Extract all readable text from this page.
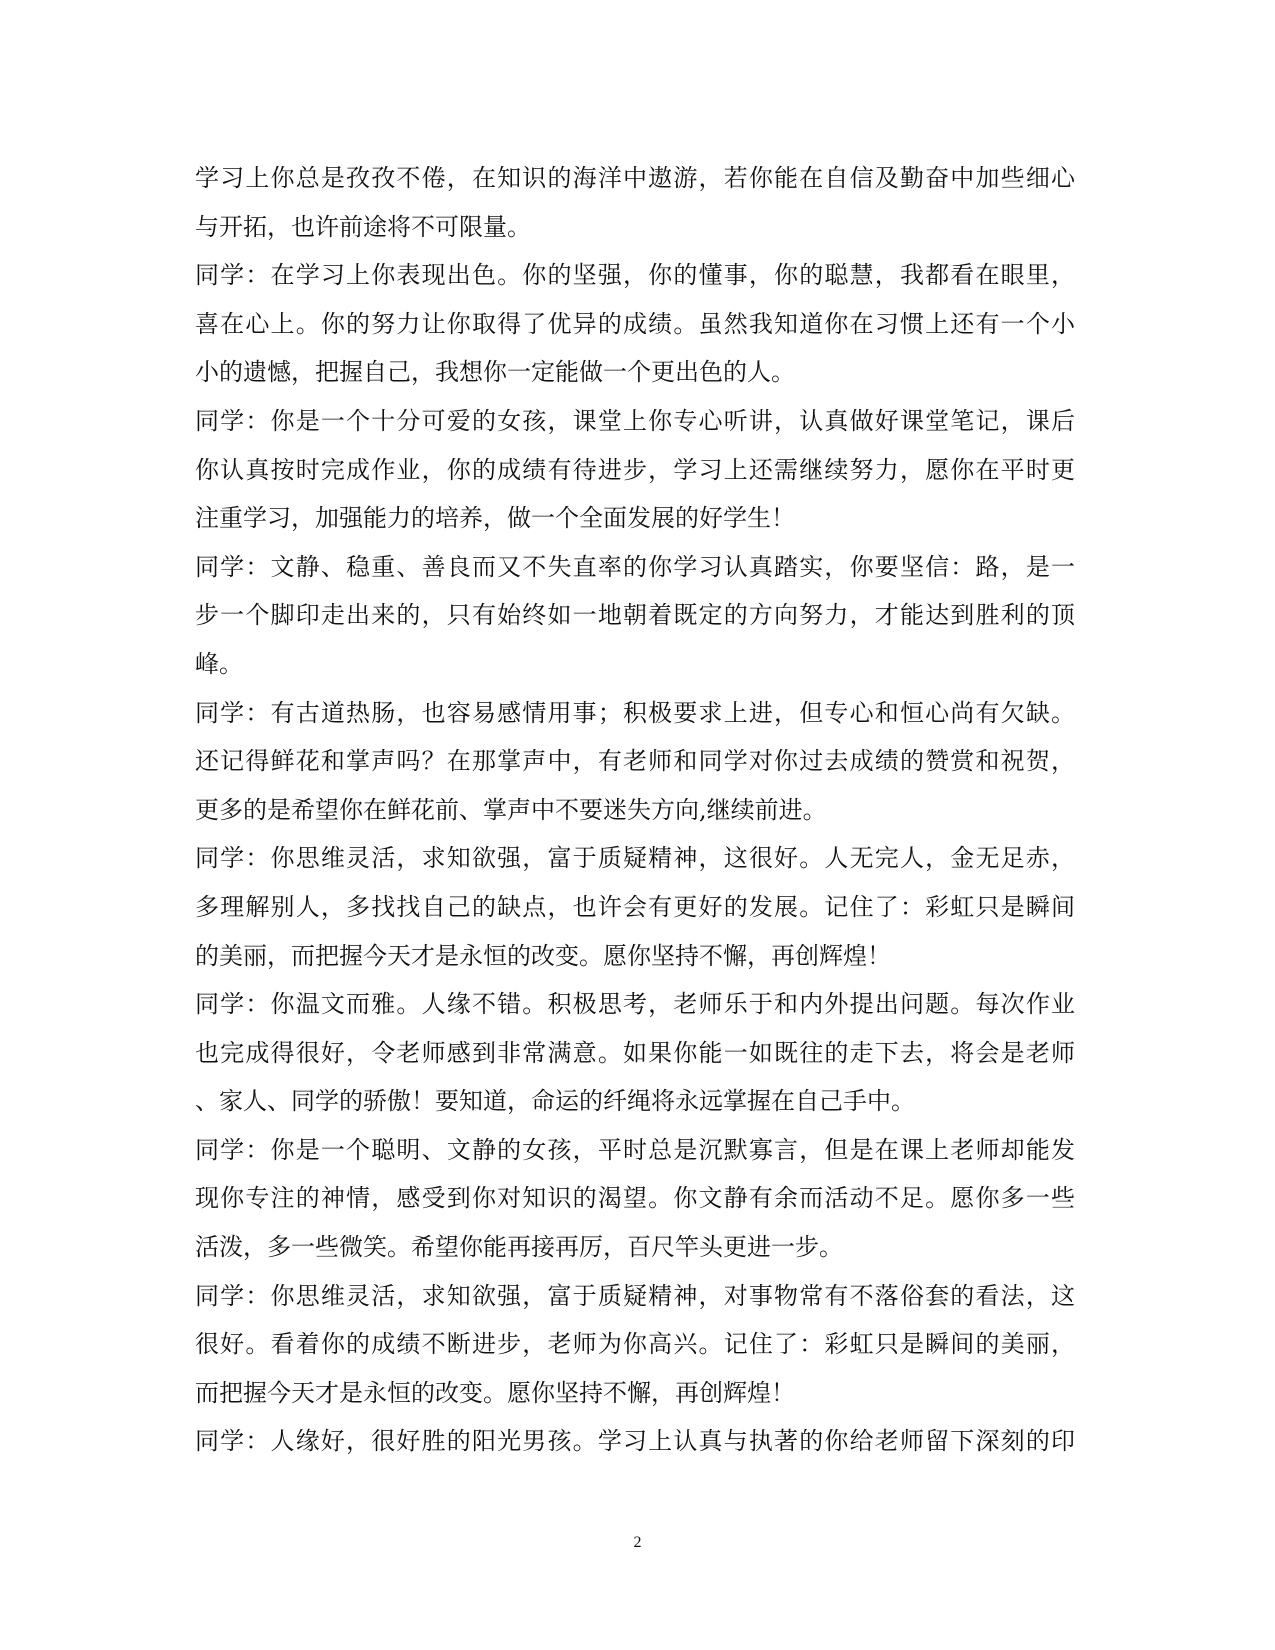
学习上你总是孜孜不倦，在知识的海洋中遨游，若你能在自信及勤奋中加些细心
与开拓，也许前途将不可限量。
同学：在学习上你表现出色。你的坚强，你的懂事，你的聪慧，我都看在眼里，
喜在心上。你的努力让你取得了优异的成绩。虽然我知道你在习惯上还有一个小
小的遗憾，把握自己，我想你一定能做一个更出色的人。
同学：你是一个十分可爱的女孩，课堂上你专心听讲，认真做好课堂笔记，课后
你认真按时完成作业，你的成绩有待进步，学习上还需继续努力，愿你在平时更
注重学习，加强能力的培养，做一个全面发展的好学生！
同学：文静、稳重、善良而又不失直率的你学习认真踏实，你要坚信：路，是一
步一个脚印走出来的，只有始终如一地朝着既定的方向努力，才能达到胜利的顶
峰。
同学：有古道热肠，也容易感情用事；积极要求上进，但专心和恒心尚有欠缺。
还记得鲜花和掌声吗？在那掌声中，有老师和同学对你过去成绩的赞赏和祝贺，
更多的是希望你在鲜花前、掌声中不要迷失方向,继续前进。
同学：你思维灵活，求知欲强，富于质疑精神，这很好。人无完人，金无足赤，
多理解别人，多找找自己的缺点，也许会有更好的发展。记住了：彩虹只是瞬间
的美丽，而把握今天才是永恒的改变。愿你坚持不懈，再创辉煌！
同学：你温文而雅。人缘不错。积极思考，老师乐于和内外提出问题。每次作业
也完成得很好，令老师感到非常满意。如果你能一如既往的走下去，将会是老师
、家人、同学的骄傲！要知道，命运的纤绳将永远掌握在自己手中。
同学：你是一个聪明、文静的女孩，平时总是沉默寡言，但是在课上老师却能发
现你专注的神情，感受到你对知识的渴望。你文静有余而活动不足。愿你多一些
活泼，多一些微笑。希望你能再接再厉，百尺竿头更进一步。
同学：你思维灵活，求知欲强，富于质疑精神，对事物常有不落俗套的看法，这
很好。看着你的成绩不断进步，老师为你高兴。记住了：彩虹只是瞬间的美丽，
而把握今天才是永恒的改变。愿你坚持不懈，再创辉煌！
同学：人缘好，很好胜的阳光男孩。学习上认真与执著的你给老师留下深刻的印
2
